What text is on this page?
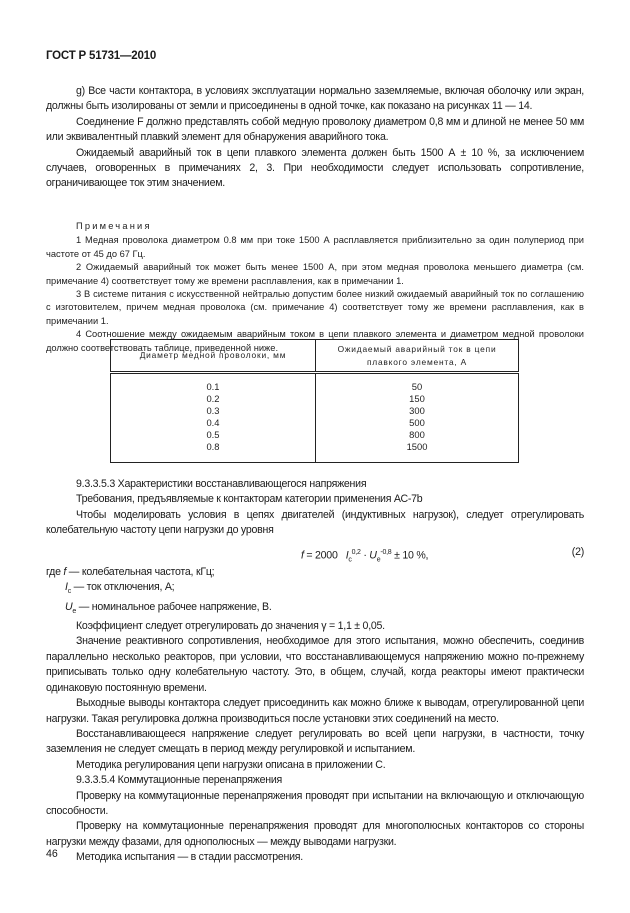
ГОСТ Р 51731—2010

g) Все части контактора, в условиях эксплуатации нормально заземляемые, включая оболочку или экран, должны быть изолированы от земли и присоединены в одной точке, как показано на рисунках 11 — 14.

Соединение F должно представлять собой медную проволоку диаметром 0,8 мм и длиной не менее 50 мм или эквивалентный плавкий элемент для обнаружения аварийного тока.

Ожидаемый аварийный ток в цепи плавкого элемента должен быть 1500 А ± 10 %, за исключением случаев, оговоренных в примечаниях 2, 3. При необходимости следует использовать сопротивление, ограничивающее ток этим значением.

Примечания

1 Медная проволока диаметром 0.8 мм при токе 1500 А расплавляется приблизительно за один полупериод при частоте от 45 до 67 Гц.

2 Ожидаемый аварийный ток может быть менее 1500 А, при этом медная проволока меньшего диаметра (см. примечание 4) соответствует тому же времени расплавления, как в примечании 1.

3 В системе питания с искусственной нейтралью допустим более низкий ожидаемый аварийный ток по соглашению с изготовителем, причем медная проволока (см. примечание 4) соответствует тому же времени расплавления, как в примечании 1.

4 Соотношение между ожидаемым аварийным током в цепи плавкого элемента и диаметром медной проволоки должно соответствовать таблице, приведенной ниже.

Диаметр медной проволоки, мм	Ожидаемый аварийный ток в цепи плавкого элемента, А
0.1	50
0.2	150
0.3	300
0.4	500
0.5	800
0.8	1500

9.3.3.5.3 Характеристики восстанавливающегося напряжения

Требования, предъявляемые к контакторам категории применения АС-7b

Чтобы моделировать условия в цепях двигателей (индуктивных нагрузок), следует отрегулировать колебательную частоту цепи нагрузки до уровня

f = 2000   $I_c^{0,2} \cdot U_e^{-0,8} \pm 10$ %,	(2)
где f — колебательная частота, кГц;
$I_c$ — ток отключения, А;
$U_e$ — номинальное рабочее напряжение, В.

Коэффициент следует отрегулировать до значения γ = 1,1 ± 0,05.

Значение реактивного сопротивления, необходимое для этого испытания, можно обеспечить, соединив параллельно несколько реакторов, при условии, что восстанавливающемуся напряжению можно по-прежнему приписывать только одну колебательную частоту. Это, в общем, случай, когда реакторы имеют практически одинаковую постоянную времени.

Выходные выводы контактора следует присоединить как можно ближе к выводам, отрегулированной цепи нагрузки. Такая регулировка должна производиться после установки этих соединений на место.

Восстанавливающееся напряжение следует регулировать во всей цепи нагрузки, в частности, точку заземления не следует смещать в период между регулировкой и испытанием.

Методика регулирования цепи нагрузки описана в приложении С.

9.3.3.5.4 Коммутационные перенапряжения

Проверку на коммутационные перенапряжения проводят при испытании на включающую и отключающую способности.

Проверку на коммутационные перенапряжения проводят для многополюсных контакторов со стороны нагрузки между фазами, для однополюсных — между выводами нагрузки.

Методика испытания — в стадии рассмотрения.

46
